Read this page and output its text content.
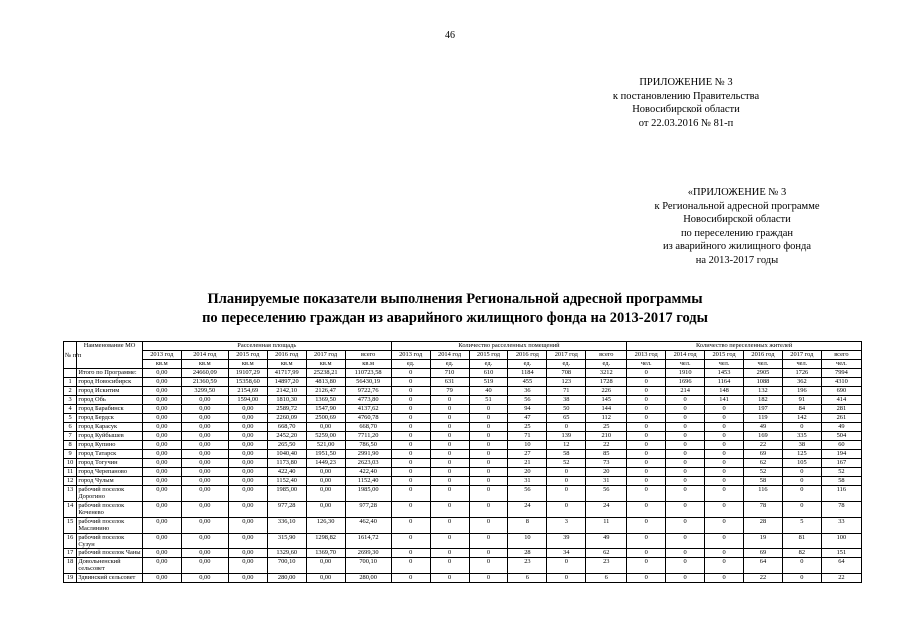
46
ПРИЛОЖЕНИЕ № 3
к постановлению Правительства
Новосибирской области
от 22.03.2016 № 81-п
«ПРИЛОЖЕНИЕ № 3
к Региональной адресной программе
Новосибирской области
по переселению граждан
из аварийного жилищного фонда
на 2013-2017 годы
Планируемые показатели выполнения Региональной адресной программы
по переселению граждан из аварийного жилищного фонда на 2013-2017 годы
№ п/п	Наименование МО	Расселенная площадь						Количество расселенных помещений						Количество переселенных жителей					
		2013 год	2014 год	2015 год	2016 год	2017 год	всего	2013 год	2014 год	2015 год	2016 год	2017 год	всего	2013 год	2014 год	2015 год	2016 год	2017 год	всего
		кв.м	кв.м	кв.м	кв.м	кв.м	кв.м	ед.	ед.	ед.	ед.	ед.	ед.	чел.	чел.	чел.	чел.	чел.	чел.
	Итого по Программе:	0,00	24660,09	19107,29	41717,99	25238,21	110723,58	0	710	610	1184	708	3212	0	1910	1453	2905	1726	7994
1	город Новосибирск	0,00	21360,59	15358,60	14897,20	4813,80	56430,19	0	631	519	455	123	1728	0	1696	1164	1088	362	4310
2	город Искитим	0,00	3299,50	2154,69	2142,10	2126,47	9722,76	0	79	40	36	71	226	0	214	148	132	196	690
3	город Обь	0,00	0,00	1594,00	1810,30	1369,50	4773,80	0	0	51	56	38	145	0	0	141	182	91	414
4	город Барабинск	0,00	0,00	0,00	2589,72	1547,90	4137,62	0	0	0	94	50	144	0	0	0	197	84	281
5	город Бердск	0,00	0,00	0,00	2260,09	2500,69	4760,78	0	0	0	47	65	112	0	0	0	119	142	261
6	город Карасук	0,00	0,00	0,00	668,70	0,00	668,70	0	0	0	25	0	25	0	0	0	49	0	49
7	город Куйбышев	0,00	0,00	0,00	2452,20	5259,00	7711,20	0	0	0	71	139	210	0	0	0	169	335	504
8	город Купино	0,00	0,00	0,00	265,50	521,00	786,50	0	0	0	10	12	22	0	0	0	22	38	60
9	город Татарск	0,00	0,00	0,00	1040,40	1951,50	2991,90	0	0	0	27	58	85	0	0	0	69	125	194
10	город Тогучин	0,00	0,00	0,00	1173,80	1449,23	2623,03	0	0	0	21	52	73	0	0	0	62	105	167
11	город Черепаново	0,00	0,00	0,00	422,40	0,00	422,40	0	0	0	20	0	20	0	0	0	52	0	52
12	город Чулым	0,00	0,00	0,00	1152,40	0,00	1152,40	0	0	0	31	0	31	0	0	0	58	0	58
13	рабочий поселок Дорогино	0,00	0,00	0,00	1985,00	0,00	1985,00	0	0	0	56	0	56	0	0	0	116	0	116
14	рабочий поселок Коченево	0,00	0,00	0,00	977,28	0,00	977,28	0	0	0	24	0	24	0	0	0	78	0	78
15	рабочий поселок Маслянино	0,00	0,00	0,00	336,10	126,30	462,40	0	0	0	8	3	11	0	0	0	28	5	33
16	рабочий поселок Сузун	0,00	0,00	0,00	315,90	1298,82	1614,72	0	0	0	10	39	49	0	0	0	19	81	100
17	рабочий поселок Чаны	0,00	0,00	0,00	1329,60	1369,70	2699,30	0	0	0	28	34	62	0	0	0	69	82	151
18	Довольненский сельсовет	0,00	0,00	0,00	700,10	0,00	700,10	0	0	0	23	0	23	0	0	0	64	0	64
19	Здвинский сельсовет	0,00	0,00	0,00	280,00	0,00	280,00	0	0	0	6	0	6	0	0	0	22	0	22
